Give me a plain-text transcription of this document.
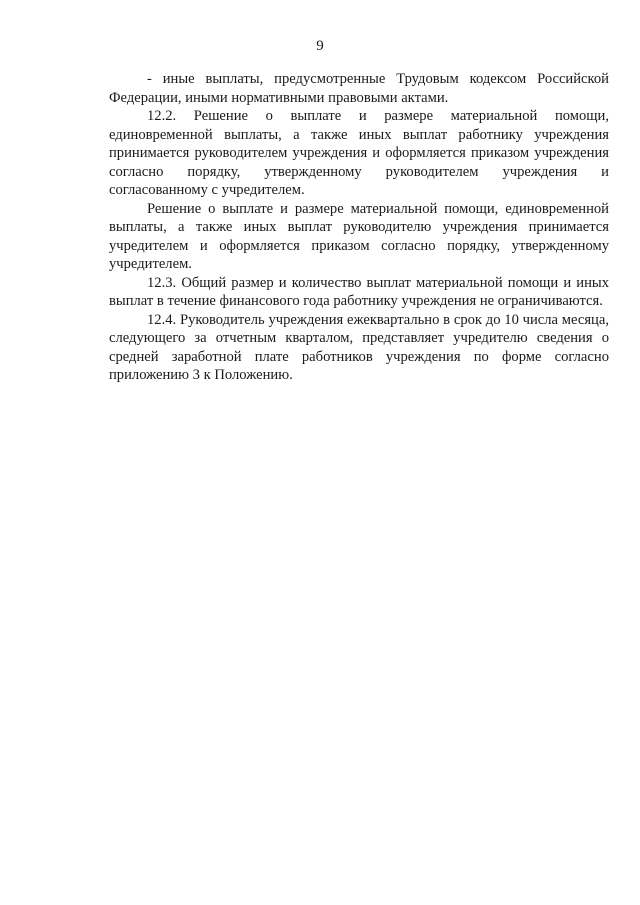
9

- иные выплаты, предусмотренные Трудовым кодексом Российской Федерации, иными нормативными правовыми актами.

12.2. Решение о выплате и размере материальной помощи, единовременной выплаты, а также иных выплат работнику учреждения принимается руководителем учреждения и оформляется приказом учреждения согласно порядку, утвержденному руководителем учреждения и согласованному с учредителем.

Решение о выплате и размере материальной помощи, единовременной выплаты, а также иных выплат руководителю учреждения принимается учредителем и оформляется приказом согласно порядку, утвержденному учредителем.

12.3. Общий размер и количество выплат материальной помощи и иных выплат в течение финансового года работнику учреждения не ограничиваются.

12.4. Руководитель учреждения ежеквартально в срок до 10 числа месяца, следующего за отчетным кварталом, представляет учредителю сведения о средней заработной плате работников учреждения по форме согласно приложению 3 к Положению.
